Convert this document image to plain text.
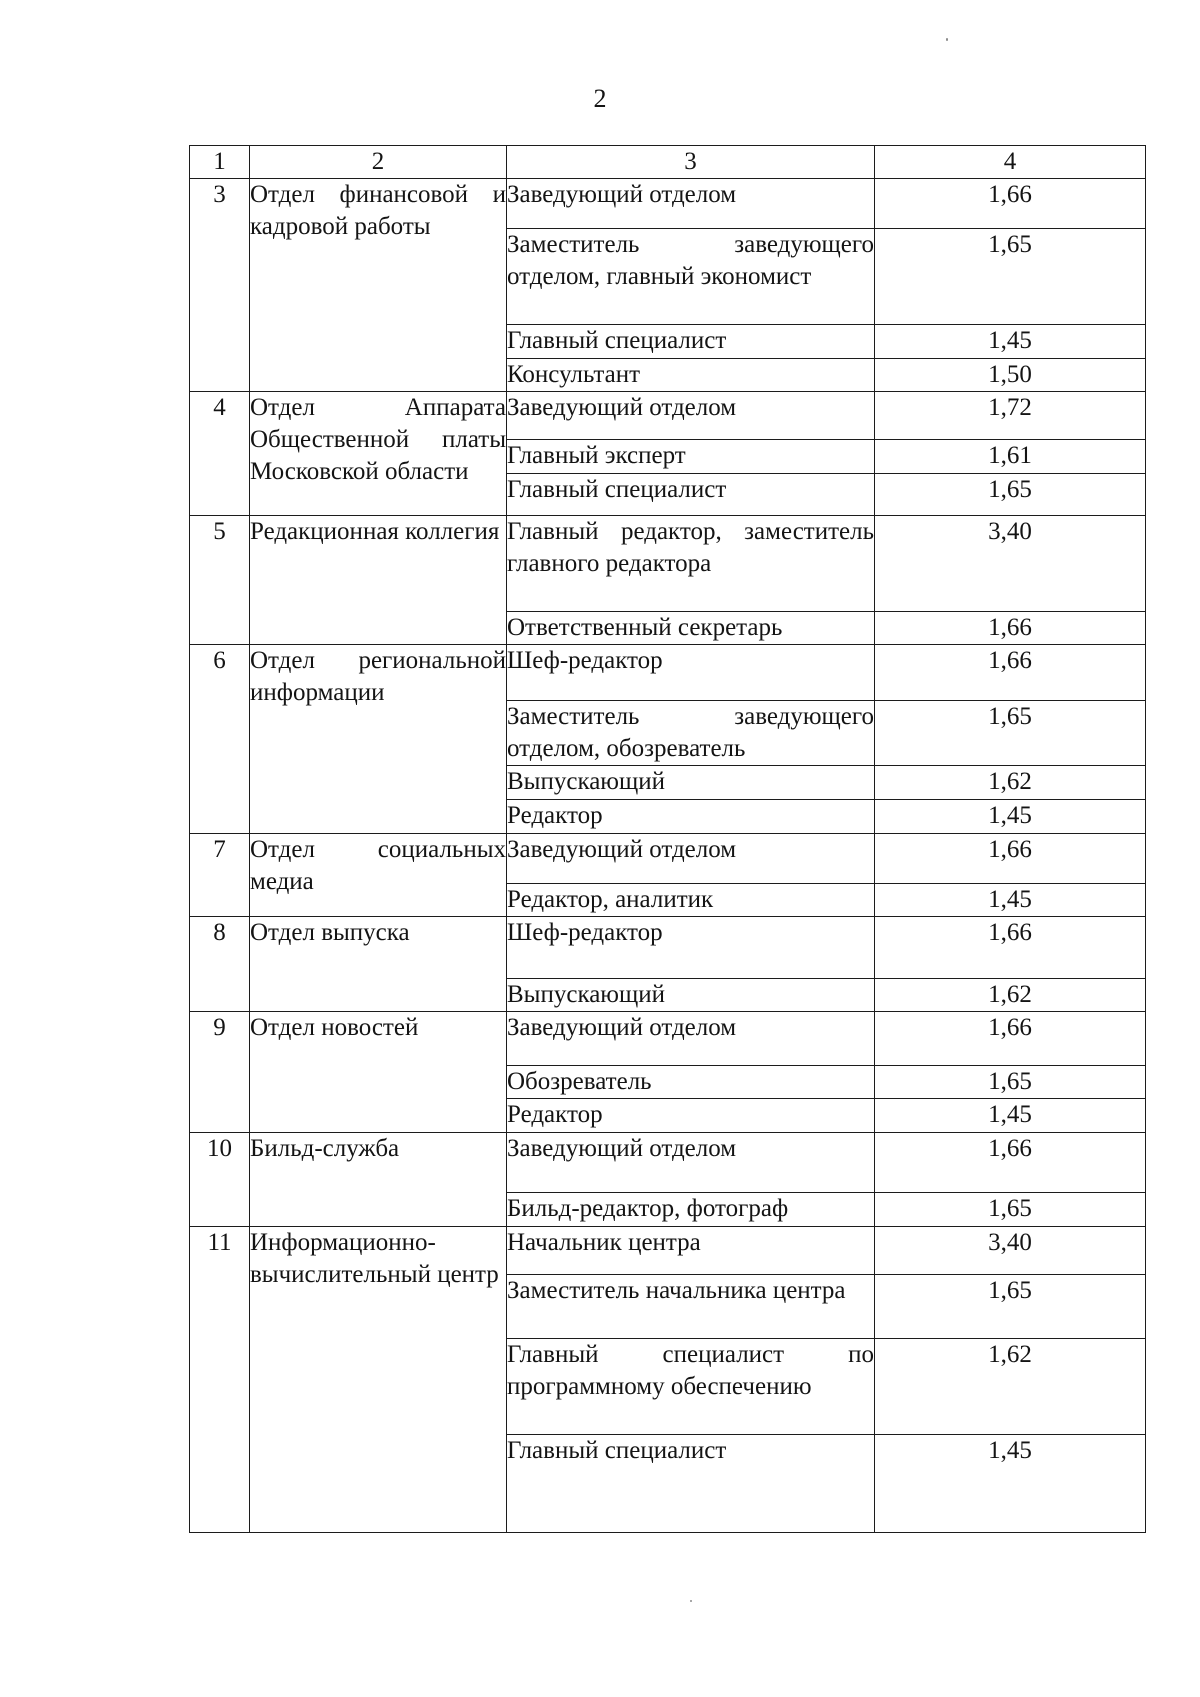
2
1	2	3	4
3	Отдел финансовой и кадровой работы	Заведующий отделом	1,66
		Заместитель заведующего отделом, главный экономист	1,65
		Главный специалист	1,45
		Консультант	1,50
4	Отдел Аппарата Общественной платы Московской области	Заведующий отделом	1,72
		Главный эксперт	1,61
		Главный специалист	1,65
5	Редакционная коллегия	Главный редактор, заместитель главного редактора	3,40
		Ответственный секретарь	1,66
6	Отдел региональной информации	Шеф-редактор	1,66
		Заместитель заведующего отделом, обозреватель	1,65
		Выпускающий	1,62
		Редактор	1,45
7	Отдел социальных медиа	Заведующий отделом	1,66
		Редактор, аналитик	1,45
8	Отдел выпуска	Шеф-редактор	1,66
		Выпускающий	1,62
9	Отдел новостей	Заведующий отделом	1,66
		Обозреватель	1,65
		Редактор	1,45
10	Бильд-служба	Заведующий отделом	1,66
		Бильд-редактор, фотограф	1,65
11	Информационно-вычислительный центр	Начальник центра	3,40
		Заместитель начальника центра	1,65
		Главный специалист по программному обеспечению	1,62
		Главный специалист	1,45
